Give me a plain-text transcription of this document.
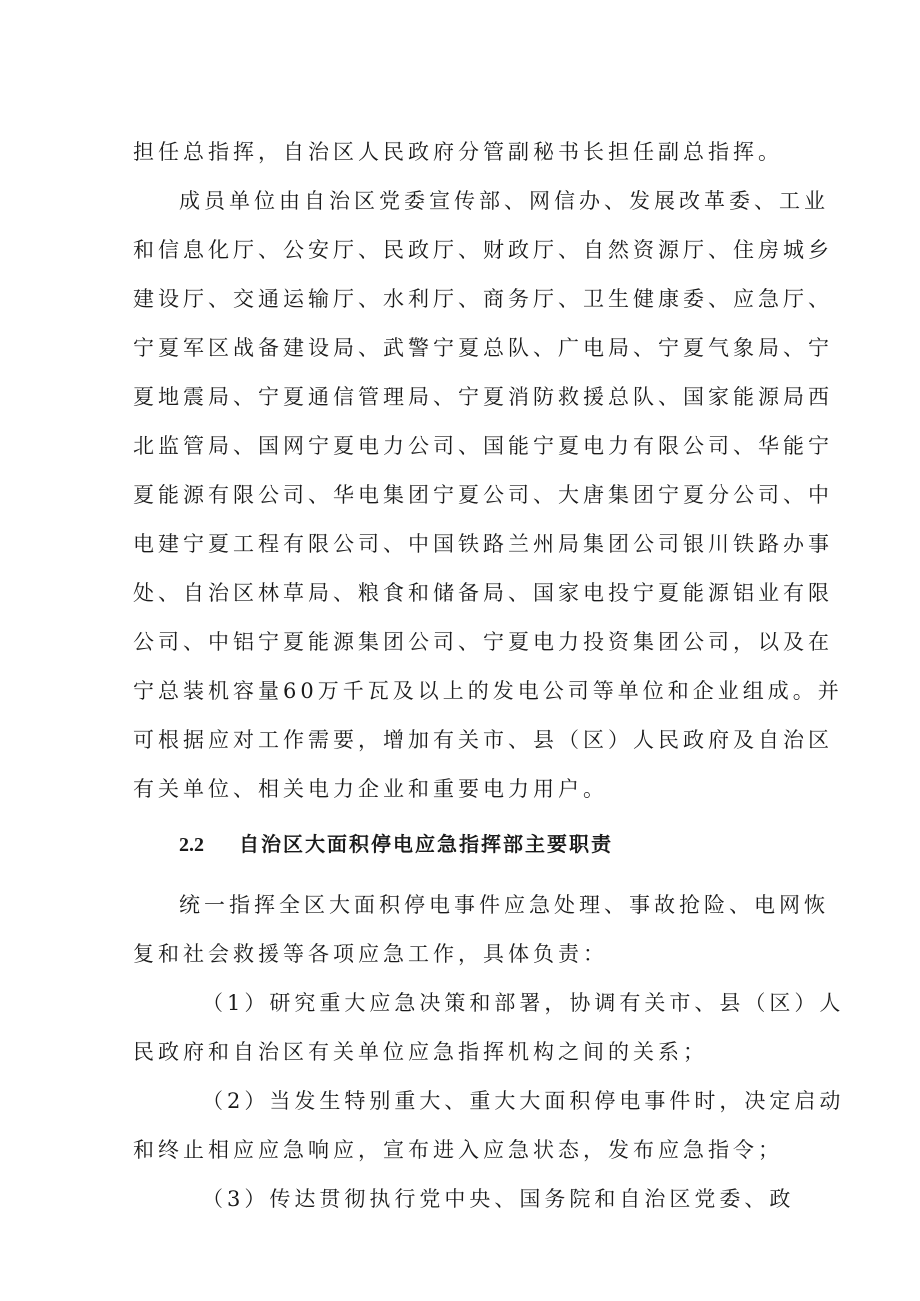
担任总指挥，自治区人民政府分管副秘书长担任副总指挥。
成员单位由自治区党委宣传部、网信办、发展改革委、工业
和信息化厅、公安厅、民政厅、财政厅、自然资源厅、住房城乡
建设厅、交通运输厅、水利厅、商务厅、卫生健康委、应急厅、
宁夏军区战备建设局、武警宁夏总队、广电局、宁夏气象局、宁
夏地震局、宁夏通信管理局、宁夏消防救援总队、国家能源局西
北监管局、国网宁夏电力公司、国能宁夏电力有限公司、华能宁
夏能源有限公司、华电集团宁夏公司、大唐集团宁夏分公司、中
电建宁夏工程有限公司、中国铁路兰州局集团公司银川铁路办事
处、自治区林草局、粮食和储备局、国家电投宁夏能源铝业有限
公司、中铝宁夏能源集团公司、宁夏电力投资集团公司，以及在
宁总装机容量60万千瓦及以上的发电公司等单位和企业组成。并
可根据应对工作需要，增加有关市、县（区）人民政府及自治区
有关单位、相关电力企业和重要电力用户。
2.2 自治区大面积停电应急指挥部主要职责
统一指挥全区大面积停电事件应急处理、事故抢险、电网恢
复和社会救援等各项应急工作，具体负责：
（1）研究重大应急决策和部署，协调有关市、县（区）人
民政府和自治区有关单位应急指挥机构之间的关系；
（2）当发生特别重大、重大大面积停电事件时，决定启动
和终止相应应急响应，宣布进入应急状态，发布应急指令；
（3）传达贯彻执行党中央、国务院和自治区党委、政
